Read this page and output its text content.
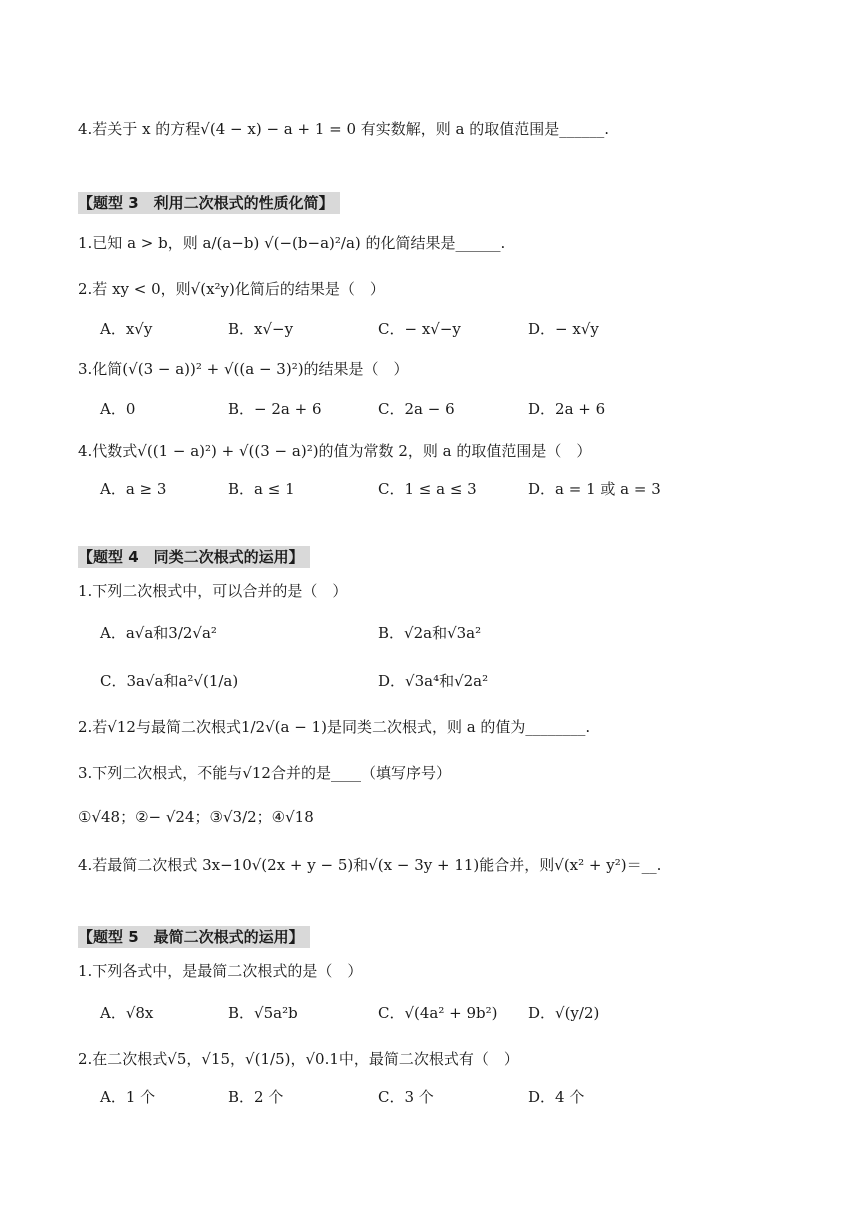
4.若关于 x 的方程√(4 − x) − a + 1 = 0 有实数解，则 a 的取值范围是______.
【题型 3　利用二次根式的性质化简】
1.已知 a > b，则 a/(a−b) √(−(b−a)²/a) 的化简结果是______.
2.若 xy < 0，则√(x²y)化简后的结果是（　）
A．x√y	B．x√−y	C．− x√−y	D．− x√y
3.化简(√(3 − a))² + √((a − 3)²)的结果是（　）
A．0	B．− 2a + 6	C．2a − 6	D．2a + 6
4.代数式√((1 − a)²) + √((3 − a)²)的值为常数 2，则 a 的取值范围是（　）
A．a ≥ 3	B．a ≤ 1	C．1 ≤ a ≤ 3	D．a = 1 或 a = 3
【题型 4　同类二次根式的运用】
1.下列二次根式中，可以合并的是（　）
A．a√a和3/2√a²	B．√2a和√3a²
C．3a√a和a²√(1/a)	D．√3a⁴和√2a²
2.若√12与最简二次根式1/2√(a − 1)是同类二次根式，则 a 的值为________.
3.下列二次根式，不能与√12合并的是____（填写序号）
①√48；②− √24；③√3/2；④√18
4.若最简二次根式 3x−10√(2x + y − 5)和√(x − 3y + 11)能合并，则√(x² + y²)＝__.
【题型 5　最简二次根式的运用】
1.下列各式中，是最简二次根式的是（　）
A．√8x	B．√5a²b	C．√(4a² + 9b²) D．√(y/2)
2.在二次根式√5，√15，√(1/5)，√0.1中，最简二次根式有（　）
A．1 个	B．2 个	C．3 个	D．4 个
